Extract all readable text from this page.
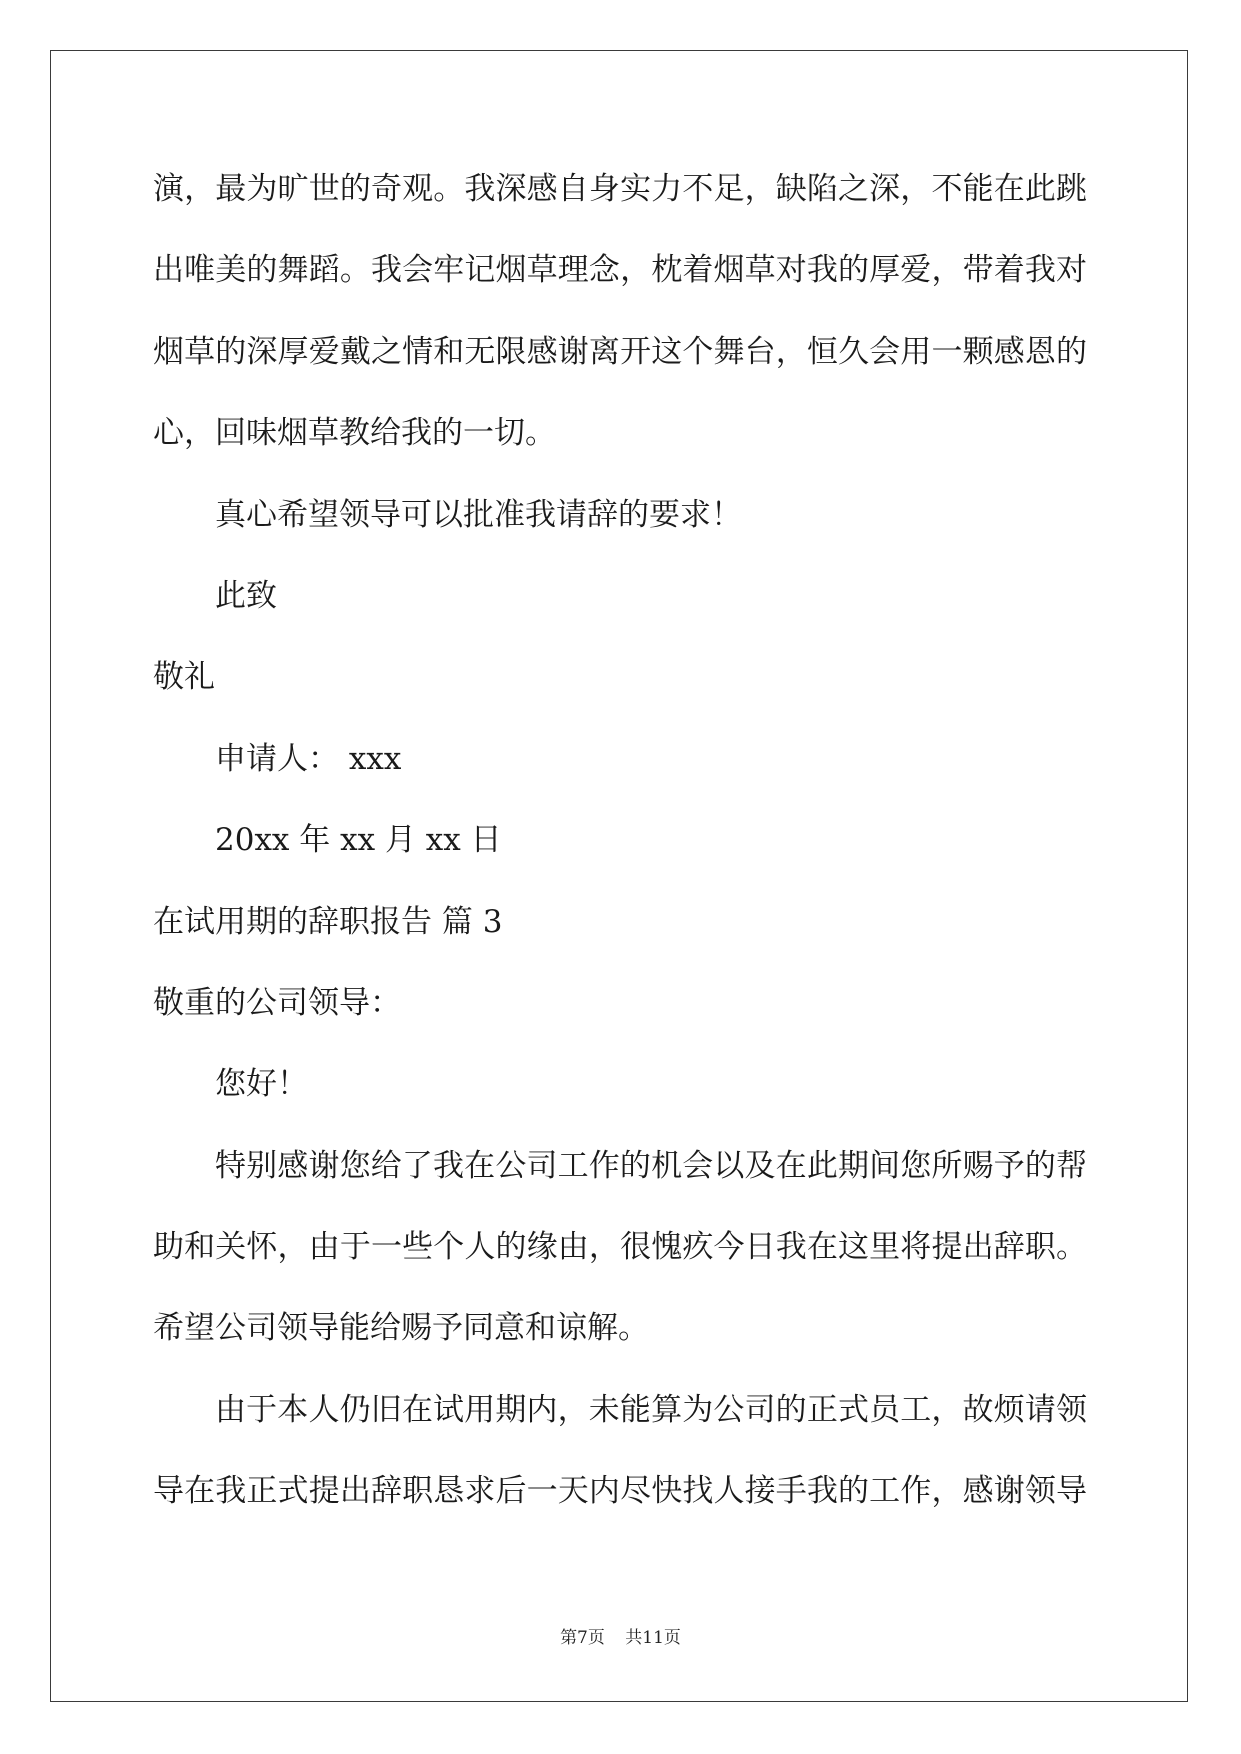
演，最为旷世的奇观。我深感自身实力不足，缺陷之深，不能在此跳
出唯美的舞蹈。我会牢记烟草理念，枕着烟草对我的厚爱，带着我对
烟草的深厚爱戴之情和无限感谢离开这个舞台，恒久会用一颗感恩的
心，回味烟草教给我的一切。
真心希望领导可以批准我请辞的要求！
此致
敬礼
申请人： xxx
20xx 年 xx 月 xx 日
在试用期的辞职报告 篇 3
敬重的公司领导：
您好！
特别感谢您给了我在公司工作的机会以及在此期间您所赐予的帮
助和关怀，由于一些个人的缘由，很愧疚今日我在这里将提出辞职。
希望公司领导能给赐予同意和谅解。
由于本人仍旧在试用期内，未能算为公司的正式员工，故烦请领
导在我正式提出辞职恳求后一天内尽快找人接手我的工作，感谢领导
第7页 共11页
